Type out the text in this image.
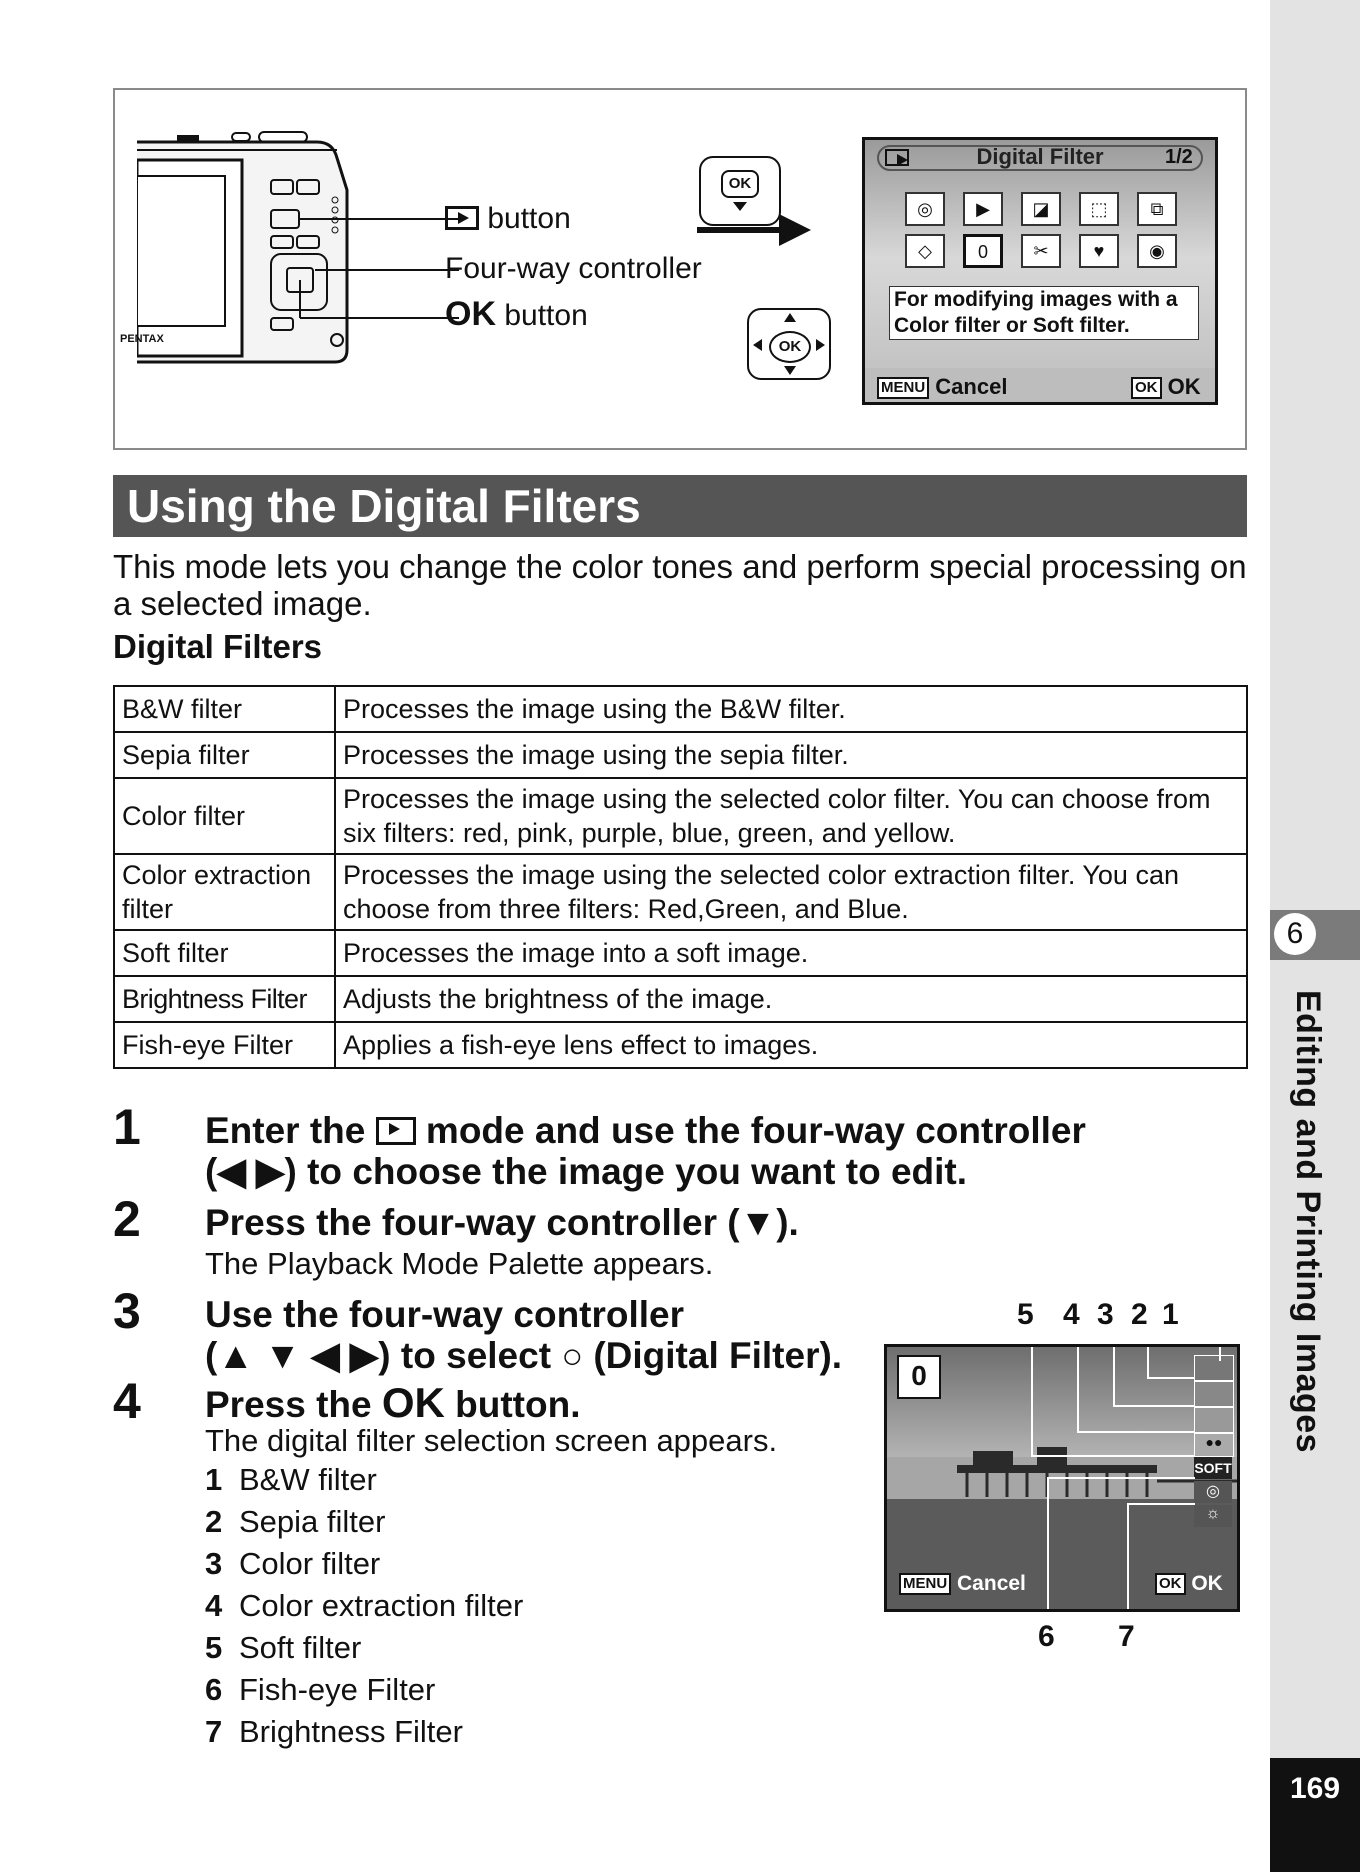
6
Editing and Printing Images
169
PENTAX
button
Four-way controller
OK button
OK
OK
Digital Filter	1/2
◎	▶	◪	⬚	⧉
◇	0	✂	♥	◉
For modifying images with a Color filter or Soft filter.
MENU Cancel	OK OK
Using the Digital Filters
This mode lets you change the color tones and perform special processing on a selected image.
Digital Filters
B&W filter	Processes the image using the B&W filter.
Sepia filter	Processes the image using the sepia filter.
Color filter	Processes the image using the selected color filter. You can choose from six filters: red, pink, purple, blue, green, and yellow.
Color extraction filter	Processes the image using the selected color extraction filter. You can choose from three filters: Red,Green, and Blue.
Soft filter	Processes the image into a soft image.
Brightness Filter	Adjusts the brightness of the image.
Fish-eye Filter	Applies a fish-eye lens effect to images.
1 Enter the mode and use the four-way controller
(◀ ▶) to choose the image you want to edit.
2 Press the four-way controller (▼).
The Playback Mode Palette appears.
3 Use the four-way controller
(▲ ▼ ◀ ▶) to select ○ (Digital Filter).
4 Press the OK button.
The digital filter selection screen appears.
1 B&W filter
2 Sepia filter
3 Color filter
4 Color extraction filter
5 Soft filter
6 Fish-eye Filter
7 Brightness Filter
5 4 3 2 1
0
●●
SOFT
◎
☼
MENU Cancel	OK OK
6 7
